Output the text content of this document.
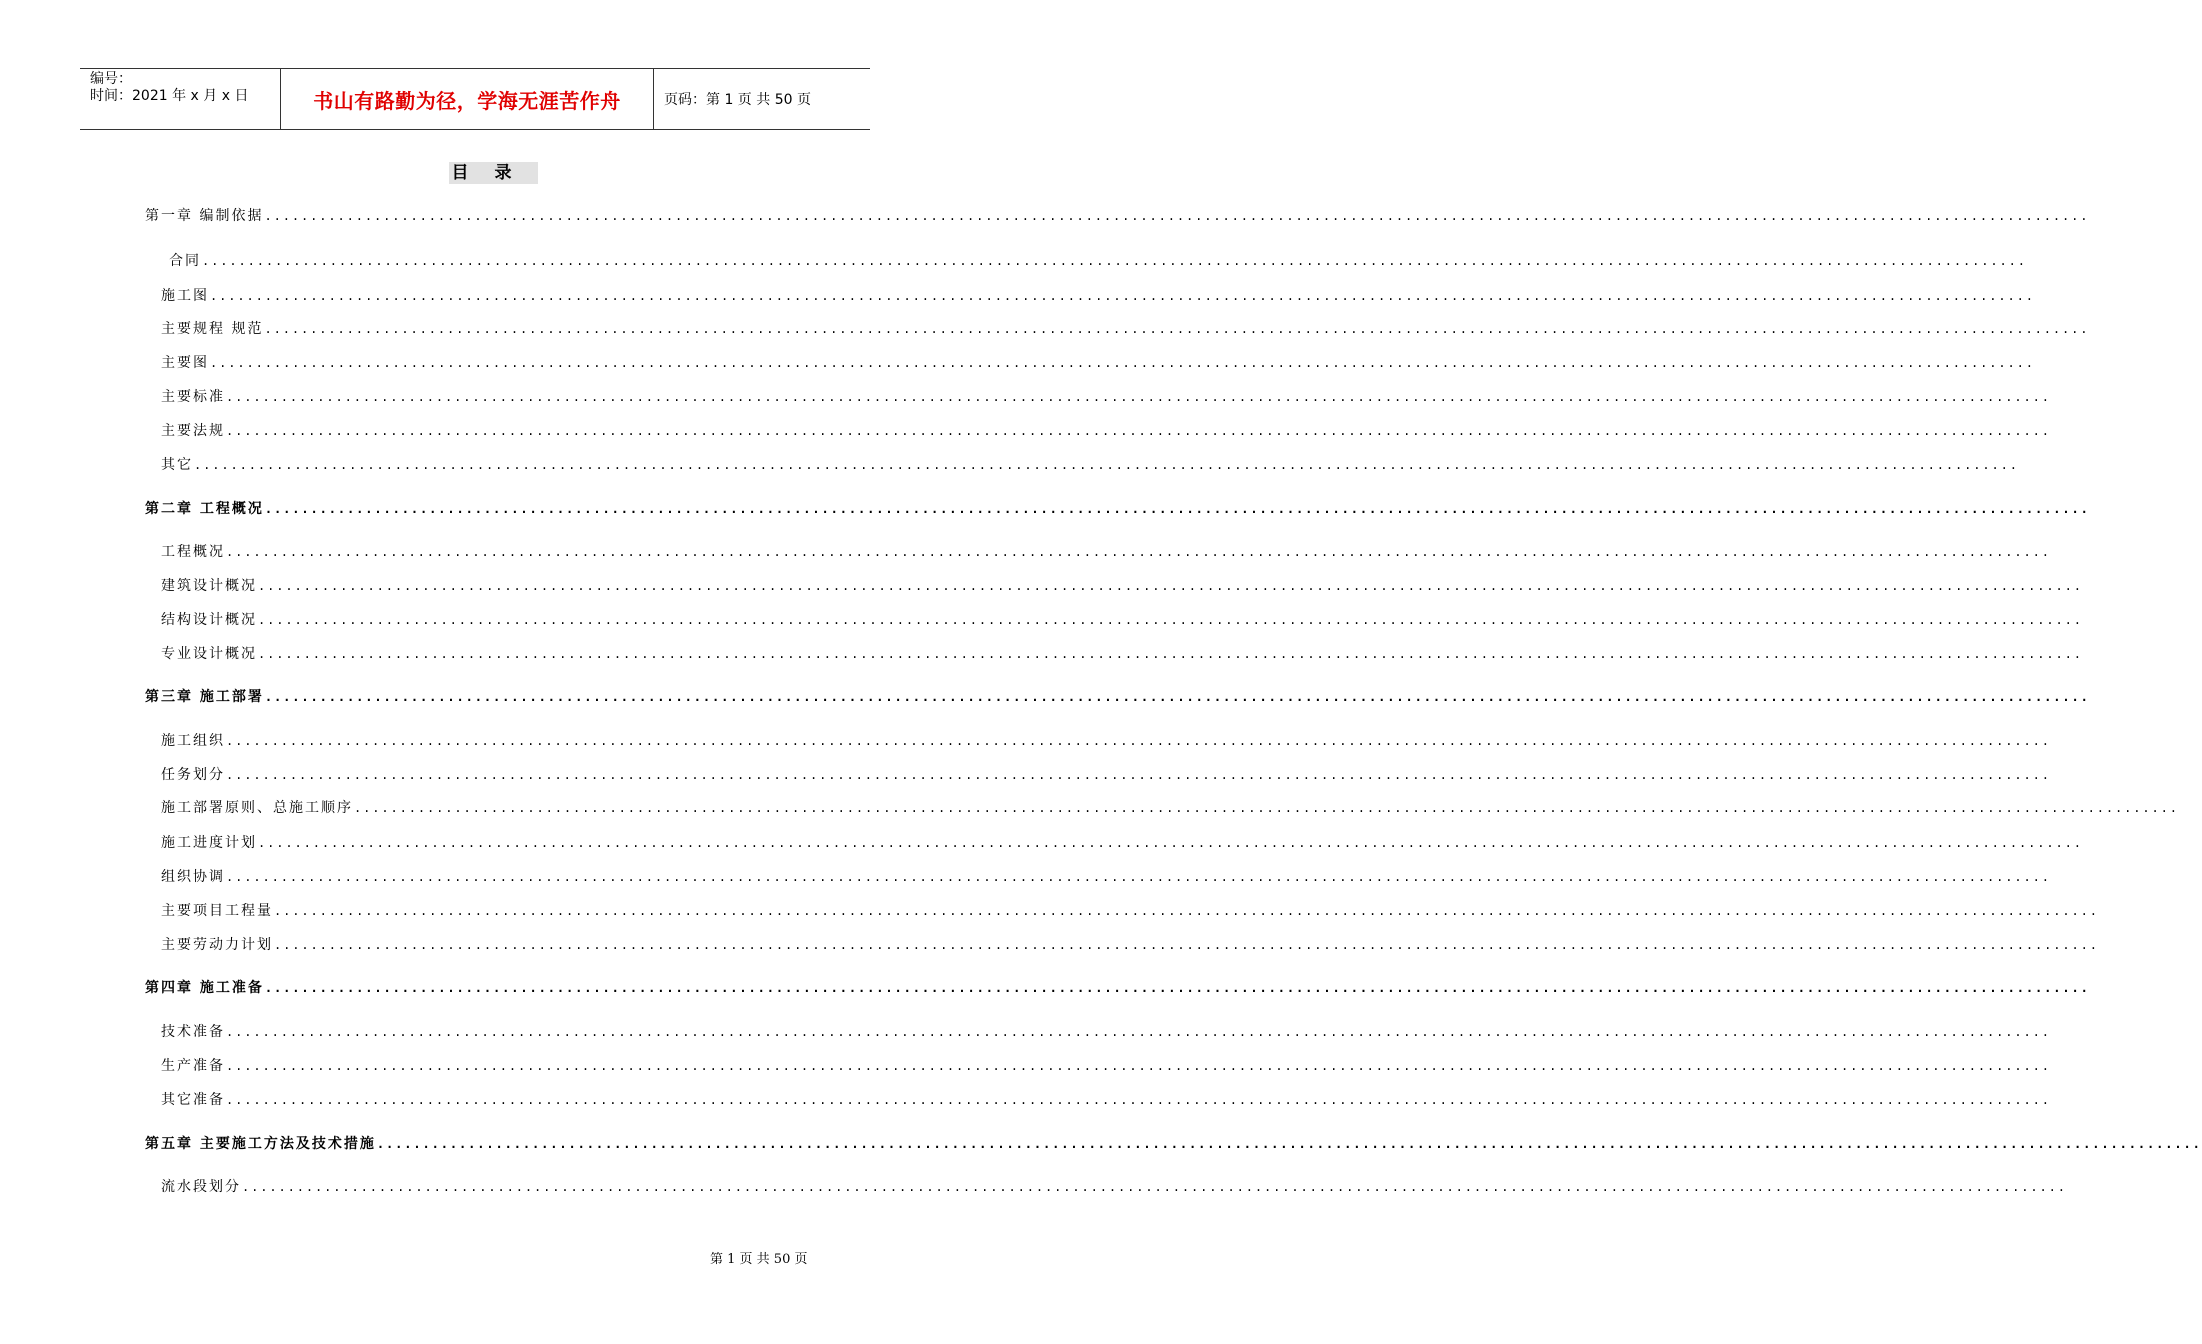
编号：
时间：2021 年 x 月 x 日	书山有路勤为径，学海无涯苦作舟	页码：第 1 页 共 50 页
目录
第一章 编制依据 ........................................................................................................................................................................................................
合同 ........................................................................................................................................................................................................
施工图 ........................................................................................................................................................................................................
主要规程 规范 ........................................................................................................................................................................................................
主要图 ........................................................................................................................................................................................................
主要标准 ........................................................................................................................................................................................................
主要法规 ........................................................................................................................................................................................................
其它 ........................................................................................................................................................................................................
第二章 工程概况 ........................................................................................................................................................................................................
工程概况 ........................................................................................................................................................................................................
建筑设计概况 ........................................................................................................................................................................................................
结构设计概况 ........................................................................................................................................................................................................
专业设计概况 ........................................................................................................................................................................................................
第三章 施工部署 ........................................................................................................................................................................................................
施工组织 ........................................................................................................................................................................................................
任务划分 ........................................................................................................................................................................................................
施工部署原则、总施工顺序 ........................................................................................................................................................................................................
施工进度计划 ........................................................................................................................................................................................................
组织协调 ........................................................................................................................................................................................................
主要项目工程量 ........................................................................................................................................................................................................
主要劳动力计划 ........................................................................................................................................................................................................
第四章 施工准备 ........................................................................................................................................................................................................
技术准备 ........................................................................................................................................................................................................
生产准备 ........................................................................................................................................................................................................
其它准备 ........................................................................................................................................................................................................
第五章 主要施工方法及技术措施 ........................................................................................................................................................................................................
流水段划分 ........................................................................................................................................................................................................
第 1 页 共 50 页
